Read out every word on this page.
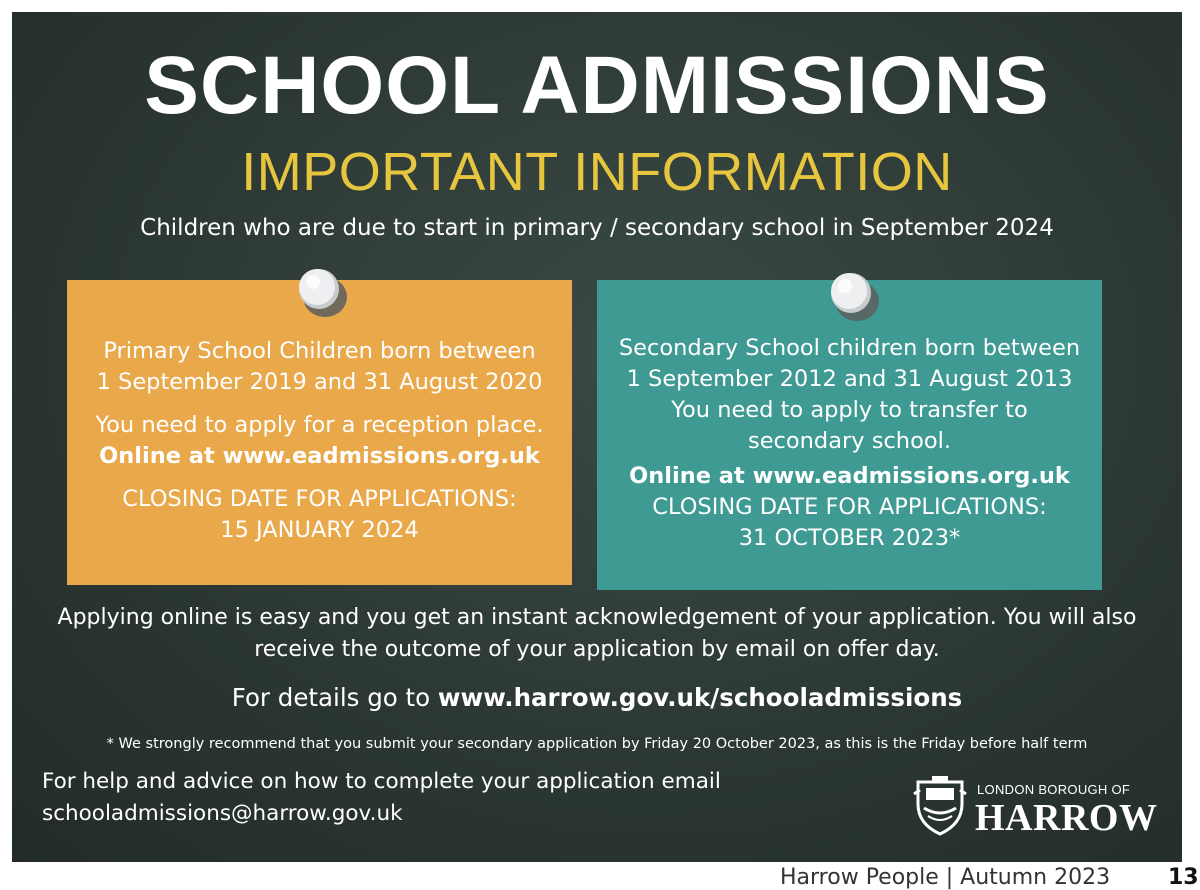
SCHOOL ADMISSIONS
IMPORTANT INFORMATION
Children who are due to start in primary / secondary school in September 2024

Primary School Children born between

1 September 2019 and 31 August 2020

You need to apply for a reception place.

Online at www.eadmissions.org.uk

CLOSING DATE FOR APPLICATIONS:

15 JANUARY 2024

Secondary School children born between

1 September 2012 and 31 August 2013

You need to apply to transfer to

secondary school.

Online at www.eadmissions.org.uk

CLOSING DATE FOR APPLICATIONS:

31 OCTOBER 2023*

Applying online is easy and you get an instant acknowledgement of your application. You will also
receive the outcome of your application by email on offer day.
For details go to www.harrow.gov.uk/schooladmissions
* We strongly recommend that you submit your secondary application by Friday 20 October 2023, as this is the Friday before half term

For help and advice on how to complete your application email

schooladmissions@harrow.gov.uk

LONDON BOROUGH OF
HARROW
Harrow People | Autumn 2023	13
